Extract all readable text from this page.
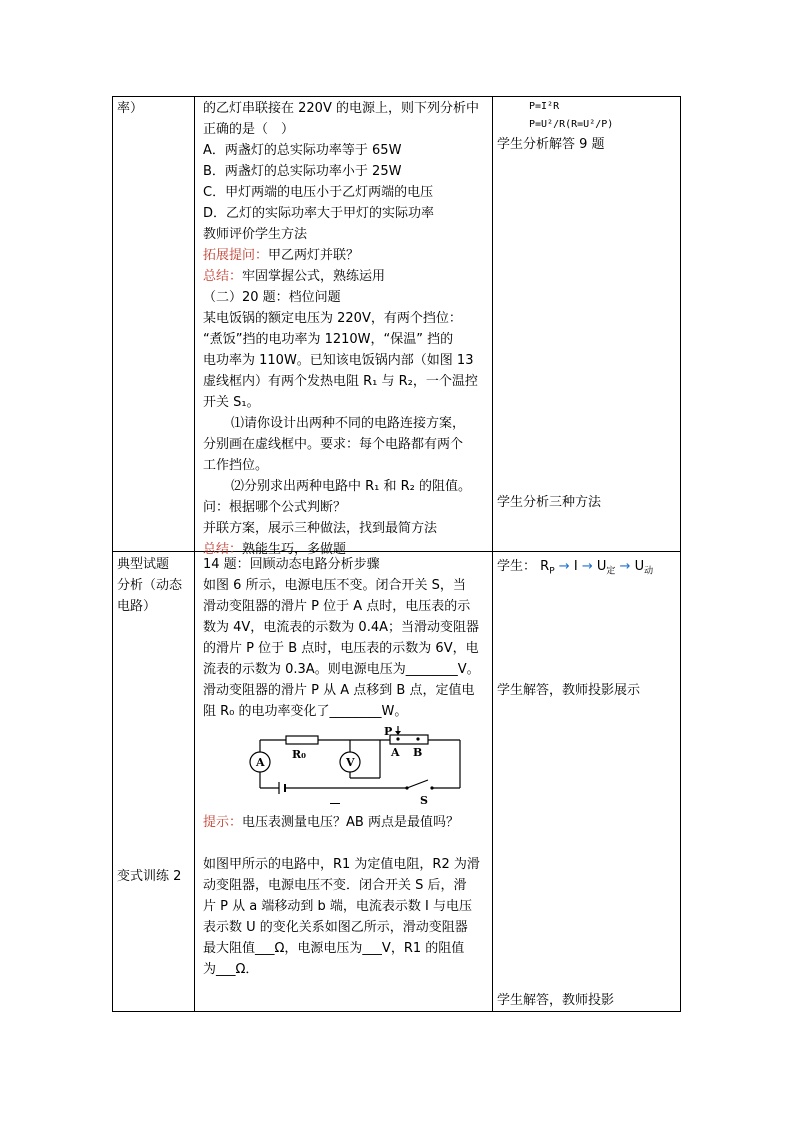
率）	的乙灯串联接在 220V 的电源上，则下列分析中
正确的是（　）
A．两盏灯的总实际功率等于 65W
B．两盏灯的总实际功率小于 25W
C．甲灯两端的电压小于乙灯两端的电压
D．乙灯的实际功率大于甲灯的实际功率
教师评价学生方法
拓展提问：甲乙两灯并联？
总结：牢固掌握公式，熟练运用
（二）20 题：档位问题
某电饭锅的额定电压为 220V，有两个挡位：
“煮饭”挡的电功率为 1210W，“保温” 挡的
电功率为 110W。已知该电饭锅内部（如图 13
虚线框内）有两个发热电阻 R₁ 与 R₂，一个温控
开关 S₁。
⑴请你设计出两种不同的电路连接方案，
分别画在虚线框中。要求：每个电路都有两个
工作挡位。
⑵分别求出两种电路中 R₁ 和 R₂ 的阻值。
问：根据哪个公式判断？
并联方案，展示三种做法，找到最简方法
总结：熟能生巧，多做题
P=I²R
P=U²/R(R=U²/P)
学生分析解答 9 题
学生分析三种方法
典型试题
分析（动态
电路）
变式训练 2
14 题：回顾动态电路分析步骤
如图 6 所示，电源电压不变。闭合开关 S，当
滑动变阻器的滑片 P 位于 A 点时，电压表的示
数为 4V，电流表的示数为 0.4A；当滑动变阻器
的滑片 P 位于 B 点时，电压表的示数为 6V，电
流表的示数为 0.3A。则电源电压为________V。
滑动变阻器的滑片 P 从 A 点移到 B 点，定值电
阻 R₀ 的电功率变化了________W。
A	V
R₀
P
A B
S
提示：电压表测量电压？AB 两点是最值吗？
如图甲所示的电路中，R1 为定值电阻，R2 为滑
动变阻器，电源电压不变．闭合开关 S 后，滑
片 P 从 a 端移动到 b 端，电流表示数 I 与电压
表示数 U 的变化关系如图乙所示，滑动变阻器
最大阻值___Ω，电源电压为___V，R1 的阻值
为___Ω．
学生： $R_P \to I \to U_定 \to U_动$
学生解答，教师投影展示
学生解答，教师投影
